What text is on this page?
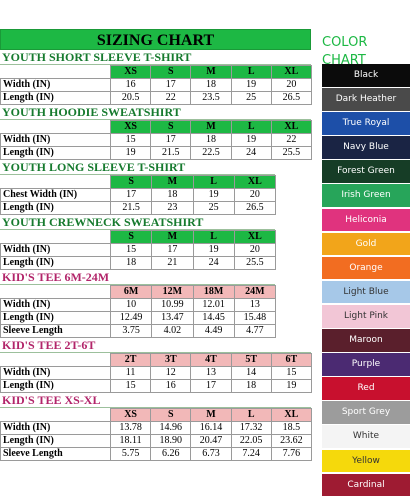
SIZING CHART
YOUTH SHORT SLEEVE T-SHIRT
	XS	S	M	L	XL
Width (IN)	16	17	18	19	20
Length (IN)	20.5	22	23.5	25	26.5
YOUTH HOODIE SWEATSHIRT
	XS	S	M	L	XL
Width (IN)	15	17	18	19	22
Length (IN)	19	21.5	22.5	24	25.5
YOUTH LONG SLEEVE T-SHIRT
	S	M	L	XL
Chest Width (IN)	17	18	19	20
Length (IN)	21.5	23	25	26.5
YOUTH CREWNECK SWEATSHIRT
	S	M	L	XL
Width (IN)	15	17	19	20
Length (IN)	18	21	24	25.5
KID'S TEE 6M-24M
	6M	12M	18M	24M
Width (IN)	10	10.99	12.01	13
Length (IN)	12.49	13.47	14.45	15.48
Sleeve Length	3.75	4.02	4.49	4.77
KID'S TEE 2T-6T
	2T	3T	4T	5T	6T
Width (IN)	11	12	13	14	15
Length (IN)	15	16	17	18	19
KID'S TEE XS-XL
	XS	S	M	L	XL
Width (IN)	13.78	14.96	16.14	17.32	18.5
Length (IN)	18.11	18.90	20.47	22.05	23.62
Sleeve Length	5.75	6.26	6.73	7.24	7.76
COLOR CHART
Black
Dark Heather
True Royal
Navy Blue
Forest Green
Irish Green
Heliconia
Gold
Orange
Light Blue
Light Pink
Maroon
Purple
Red
Sport Grey
White
Yellow
Cardinal
